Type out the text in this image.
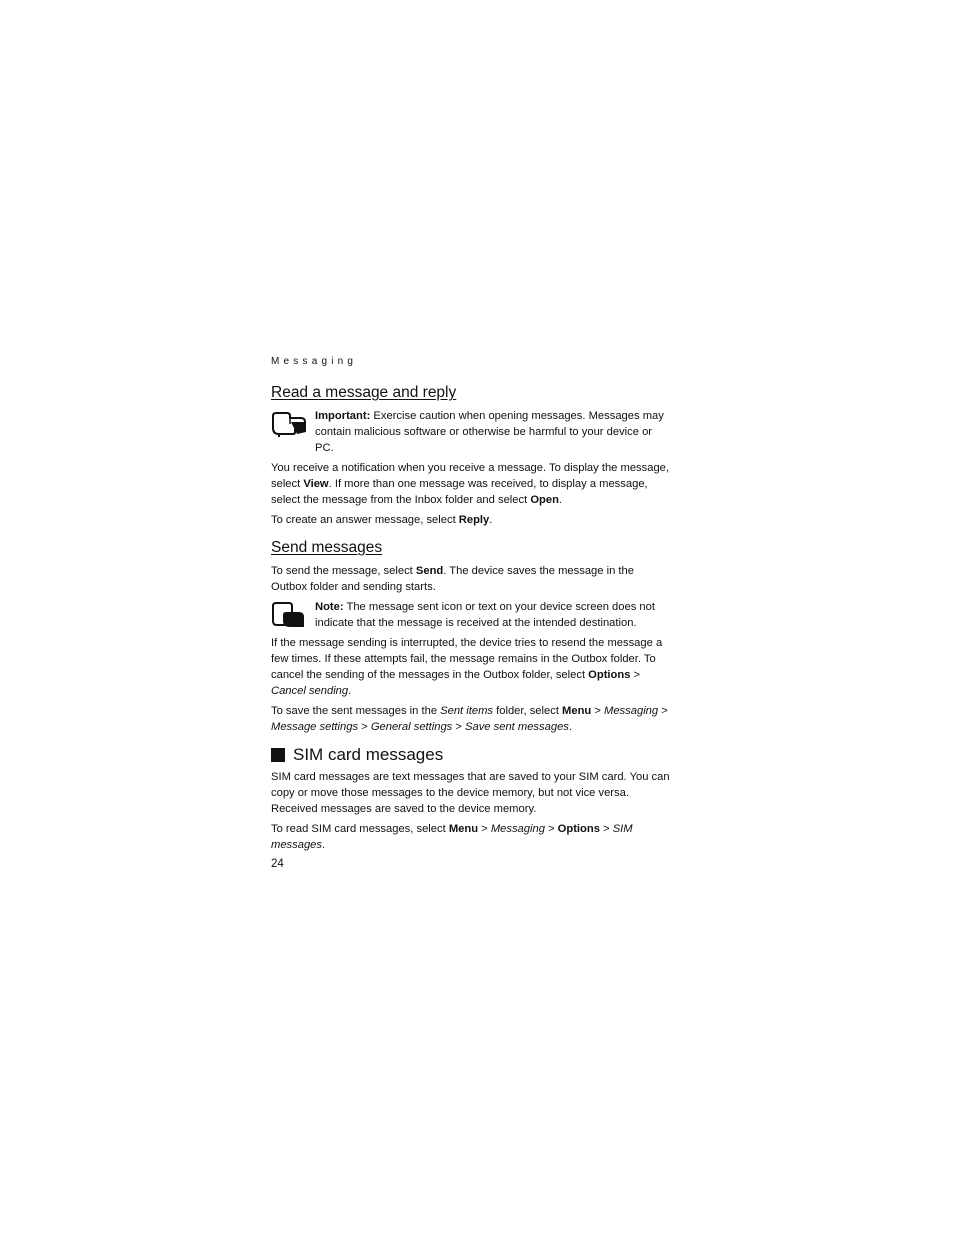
Messaging
Read a message and reply

Important: Exercise caution when opening messages. Messages may contain malicious software or otherwise be harmful to your device or PC.

You receive a notification when you receive a message. To display the message, select View. If more than one message was received, to display a message, select the message from the Inbox folder and select Open.

To create an answer message, select Reply.

Send messages

To send the message, select Send. The device saves the message in the Outbox folder and sending starts.

Note: The message sent icon or text on your device screen does not indicate that the message is received at the intended destination.

If the message sending is interrupted, the device tries to resend the message a few times. If these attempts fail, the message remains in the Outbox folder. To cancel the sending of the messages in the Outbox folder, select Options > Cancel sending.

To save the sent messages in the Sent items folder, select Menu > Messaging > Message settings > General settings > Save sent messages.

SIM card messages

SIM card messages are text messages that are saved to your SIM card. You can copy or move those messages to the device memory, but not vice versa. Received messages are saved to the device memory.

To read SIM card messages, select Menu > Messaging > Options > SIM messages.

24
